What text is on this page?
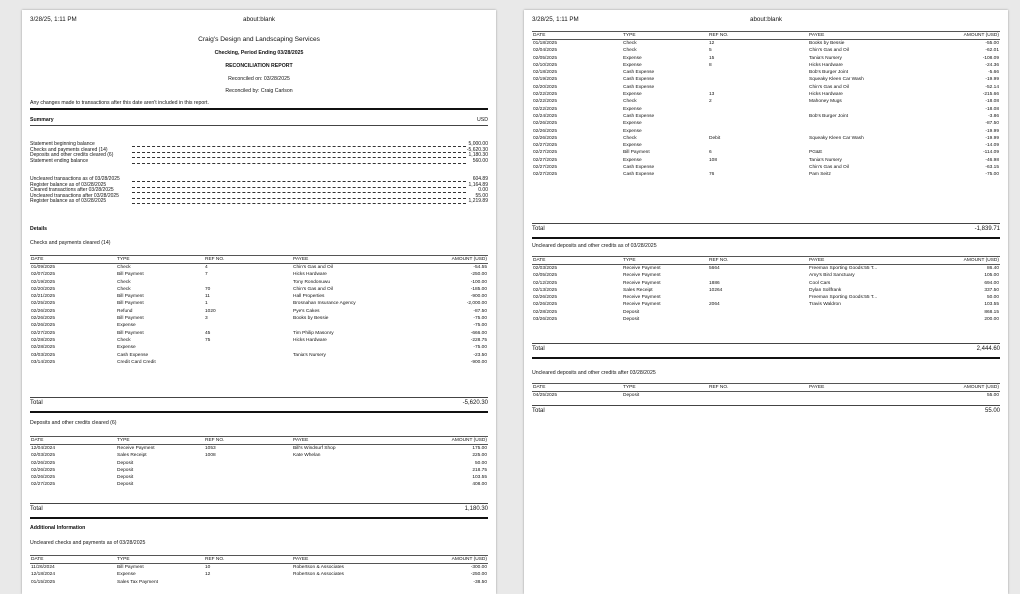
3/28/25, 1:11 PM	about:blank
Craig's Design and Landscaping Services
Checking, Period Ending 03/28/2025
RECONCILIATION REPORT
Reconciled on: 03/28/2025
Reconciled by: Craig Carlson
Any changes made to transactions after this date aren't included in this report.
Summary	USD
Statement beginning balance	5,000.00
Checks and payments cleared (14)	-5,620.30
Deposits and other credits cleared (6)	1,180.30
Statement ending balance	560.00
Uncleared transactions as of 03/28/2025	604.89
Register balance as of 03/28/2025	1,164.89
Cleared transactions after 03/28/2025	0.00
Uncleared transactions after 03/28/2025	55.00
Register balance as of 03/28/2025	1,219.89
Details
Checks and payments cleared (14)
DATE	TYPE	REF NO.	PAYEE	AMOUNT (USD)
01/09/2025	Check	4	Chin's Gas and Oil	-54.55
02/07/2025	Bill Payment	7	Hicks Hardware	-250.00
02/19/2025	Check		Tony Rondonuwu	-100.00
02/20/2025	Check	70	Chin's Gas and Oil	-185.00
02/21/2025	Bill Payment	11	Hall Properties	-900.00
02/25/2025	Bill Payment	1	Brosnahan Insurance Agency	-2,000.00
02/26/2025	Refund	1020	Pye's Cakes	-87.50
02/26/2025	Bill Payment	3	Books by Bessie	-75.00
02/26/2025	Expense			-75.00
02/27/2025	Bill Payment	45	Tim Philip Masonry	-666.00
02/28/2025	Check	75	Hicks Hardware	-228.75
02/28/2025	Expense			-75.00
03/03/2025	Cash Expense		Tania's Nursery	-23.50
03/14/2025	Credit Card Credit			-900.00
Total	-5,620.30
Deposits and other credits cleared (6)
DATE	TYPE	REF NO.	PAYEE	AMOUNT (USD)
12/04/2024	Receive Payment	1053	Bill's Windsurf Shop	175.00
02/03/2025	Sales Receipt	1008	Kate Whelan	225.00
02/26/2025	Deposit			50.00
02/26/2025	Deposit			218.75
02/26/2025	Deposit			103.55
02/27/2025	Deposit			408.00
Total	1,180.30
Additional Information
Uncleared checks and payments as of 03/28/2025
DATE	TYPE	REF NO.	PAYEE	AMOUNT (USD)
11/26/2024	Bill Payment	10	Robertson & Associates	-300.00
12/18/2024	Expense	12	Robertson & Associates	-250.00
01/15/2025	Sales Tax Payment			-38.50
3/28/25, 1:11 PM	about:blank
DATE	TYPE	REF NO.	PAYEE	AMOUNT (USD)
01/18/2025	Check	12	Books by Bessie	-55.00
02/04/2025	Check	5	Chin's Gas and Oil	-62.01
02/05/2025	Expense	15	Tania's Nursery	-108.09
02/10/2025	Expense	8	Hicks Hardware	-24.36
02/18/2025	Cash Expense		Bob's Burger Joint	-5.66
02/19/2025	Cash Expense		Squeaky Kleen Car Wash	-19.99
02/20/2025	Cash Expense		Chin's Gas and Oil	-52.14
02/22/2025	Expense	13	Hicks Hardware	-215.66
02/22/2025	Check	2	Mahoney Mugs	-18.08
02/22/2025	Expense			-18.08
02/24/2025	Cash Expense		Bob's Burger Joint	-3.86
02/26/2025	Expense			-87.50
02/26/2025	Expense			-19.99
02/26/2025	Check	Debit	Squeaky Kleen Car Wash	-19.99
02/27/2025	Expense			-14.09
02/27/2025	Bill Payment	6	PG&E	-114.09
02/27/2025	Expense	108	Tania's Nursery	-46.98
02/27/2025	Cash Expense		Chin's Gas and Oil	-63.15
02/27/2025	Cash Expense	76	Pam Seitz	-75.00
Total	-1,839.71
Uncleared deposits and other credits as of 03/28/2025
DATE	TYPE	REF NO.	PAYEE	AMOUNT (USD)
02/03/2025	Receive Payment	5664	Freeman Sporting Goods:55 T...	86.40
02/05/2025	Receive Payment		Amy's Bird Sanctuary	105.00
02/12/2025	Receive Payment	1886	Cool Cars	694.00
02/13/2025	Sales Receipt	10264	Dylan Sollfrank	337.50
02/26/2025	Receive Payment		Freeman Sporting Goods:55 T...	50.00
02/26/2025	Receive Payment	2064	Travis Waldron	103.55
02/28/2025	Deposit			868.15
03/26/2025	Deposit			200.00
Total	2,444.60
Uncleared deposits and other credits after 03/28/2025
DATE	TYPE	REF NO.	PAYEE	AMOUNT (USD)
04/25/2025	Deposit			55.00
Total	55.00
